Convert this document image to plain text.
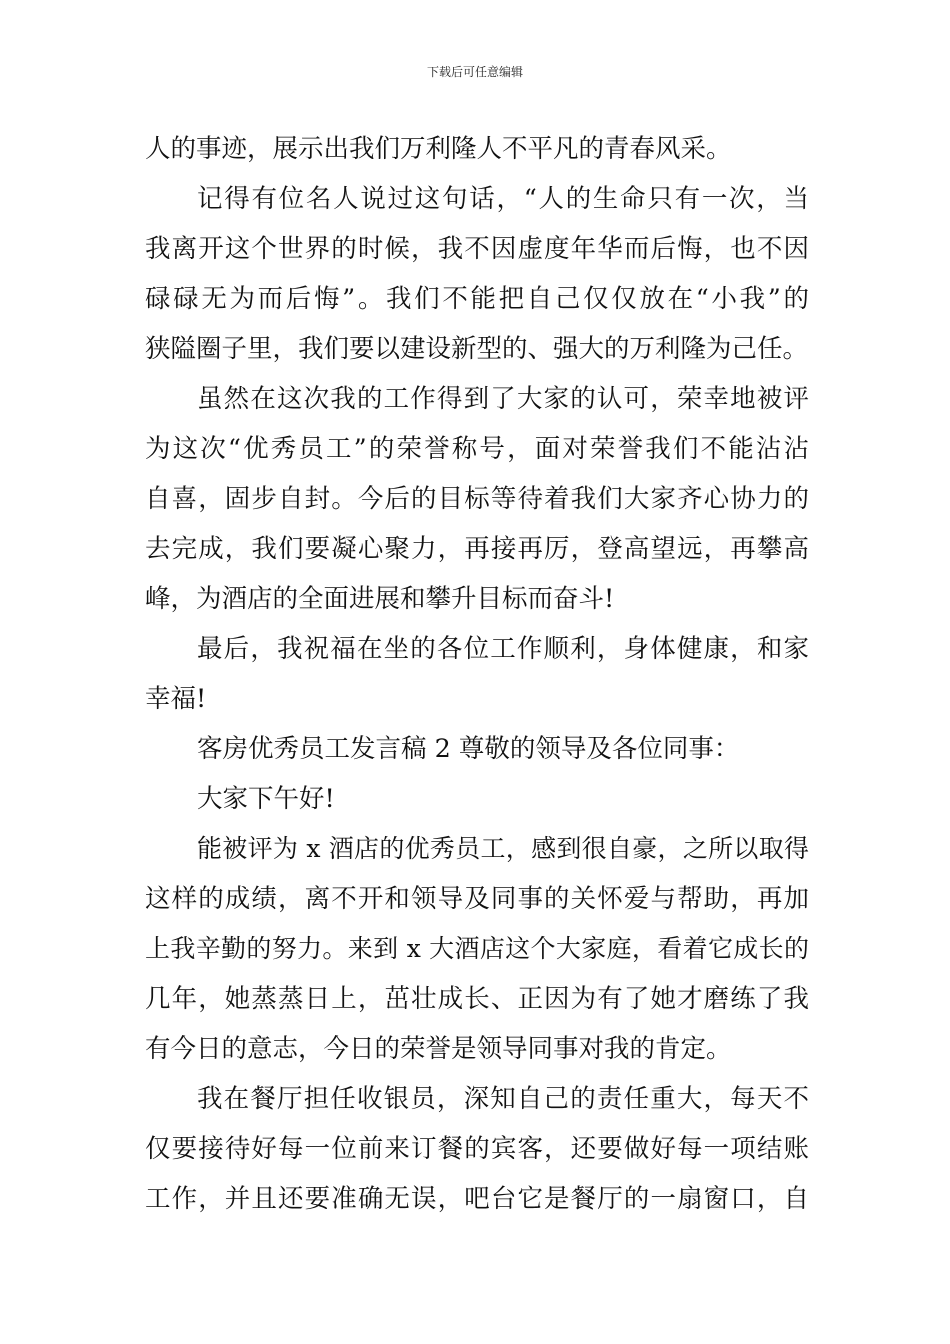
下载后可任意编辑
人的事迹，展示出我们万利隆人不平凡的青春风采。
记得有位名人说过这句话，“人的生命只有一次，当
我离开这个世界的时候，我不因虚度年华而后悔，也不因
碌碌无为而后悔”。我们不能把自己仅仅放在“小我”的
狭隘圈子里，我们要以建设新型的、强大的万利隆为己任。
虽然在这次我的工作得到了大家的认可，荣幸地被评
为这次“优秀员工”的荣誉称号，面对荣誉我们不能沾沾
自喜，固步自封。今后的目标等待着我们大家齐心协力的
去完成，我们要凝心聚力，再接再厉，登高望远，再攀高
峰，为酒店的全面进展和攀升目标而奋斗!
最后，我祝福在坐的各位工作顺利，身体健康，和家
幸福!
客房优秀员工发言稿 2 尊敬的领导及各位同事：
大家下午好!
能被评为 x 酒店的优秀员工，感到很自豪，之所以取得
这样的成绩，离不开和领导及同事的关怀爱与帮助，再加
上我辛勤的努力。来到 x 大酒店这个大家庭，看着它成长的
几年，她蒸蒸日上，茁壮成长、正因为有了她才磨练了我
有今日的意志，今日的荣誉是领导同事对我的肯定。
我在餐厅担任收银员，深知自己的责任重大，每天不
仅要接待好每一位前来订餐的宾客，还要做好每一项结账
工作，并且还要准确无误，吧台它是餐厅的一扇窗口，自
